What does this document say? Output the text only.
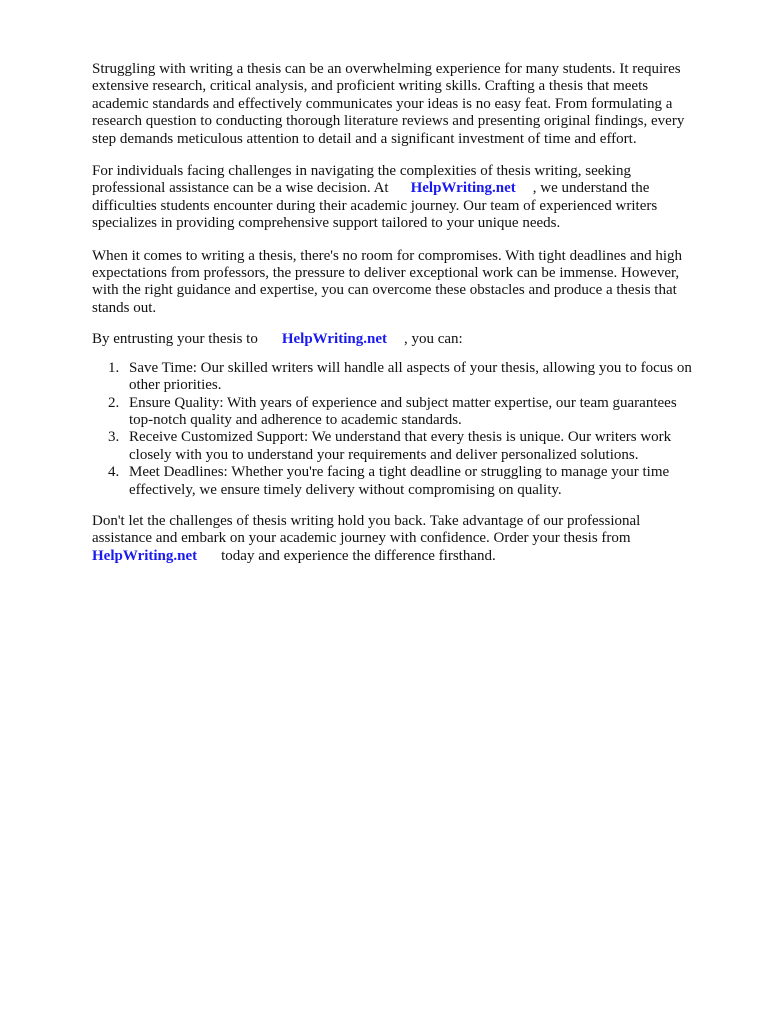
Struggling with writing a thesis can be an overwhelming experience for many students. It requires
extensive research, critical analysis, and proficient writing skills. Crafting a thesis that meets
academic standards and effectively communicates your ideas is no easy feat. From formulating a
research question to conducting thorough literature reviews and presenting original findings, every
step demands meticulous attention to detail and a significant investment of time and effort.

For individuals facing challenges in navigating the complexities of thesis writing, seeking
professional assistance can be a wise decision. At HelpWriting.net , we understand the
difficulties students encounter during their academic journey. Our team of experienced writers
specializes in providing comprehensive support tailored to your unique needs.

When it comes to writing a thesis, there's no room for compromises. With tight deadlines and high
expectations from professors, the pressure to deliver exceptional work can be immense. However,
with the right guidance and expertise, you can overcome these obstacles and produce a thesis that
stands out.

By entrusting your thesis to HelpWriting.net , you can:

1. Save Time: Our skilled writers will handle all aspects of your thesis, allowing you to focus on
other priorities.
2. Ensure Quality: With years of experience and subject matter expertise, our team guarantees
top-notch quality and adherence to academic standards.
3. Receive Customized Support: We understand that every thesis is unique. Our writers work
closely with you to understand your requirements and deliver personalized solutions.
4. Meet Deadlines: Whether you're facing a tight deadline or struggling to manage your time
effectively, we ensure timely delivery without compromising on quality.

Don't let the challenges of thesis writing hold you back. Take advantage of our professional
assistance and embark on your academic journey with confidence. Order your thesis from
HelpWriting.net today and experience the difference firsthand.
